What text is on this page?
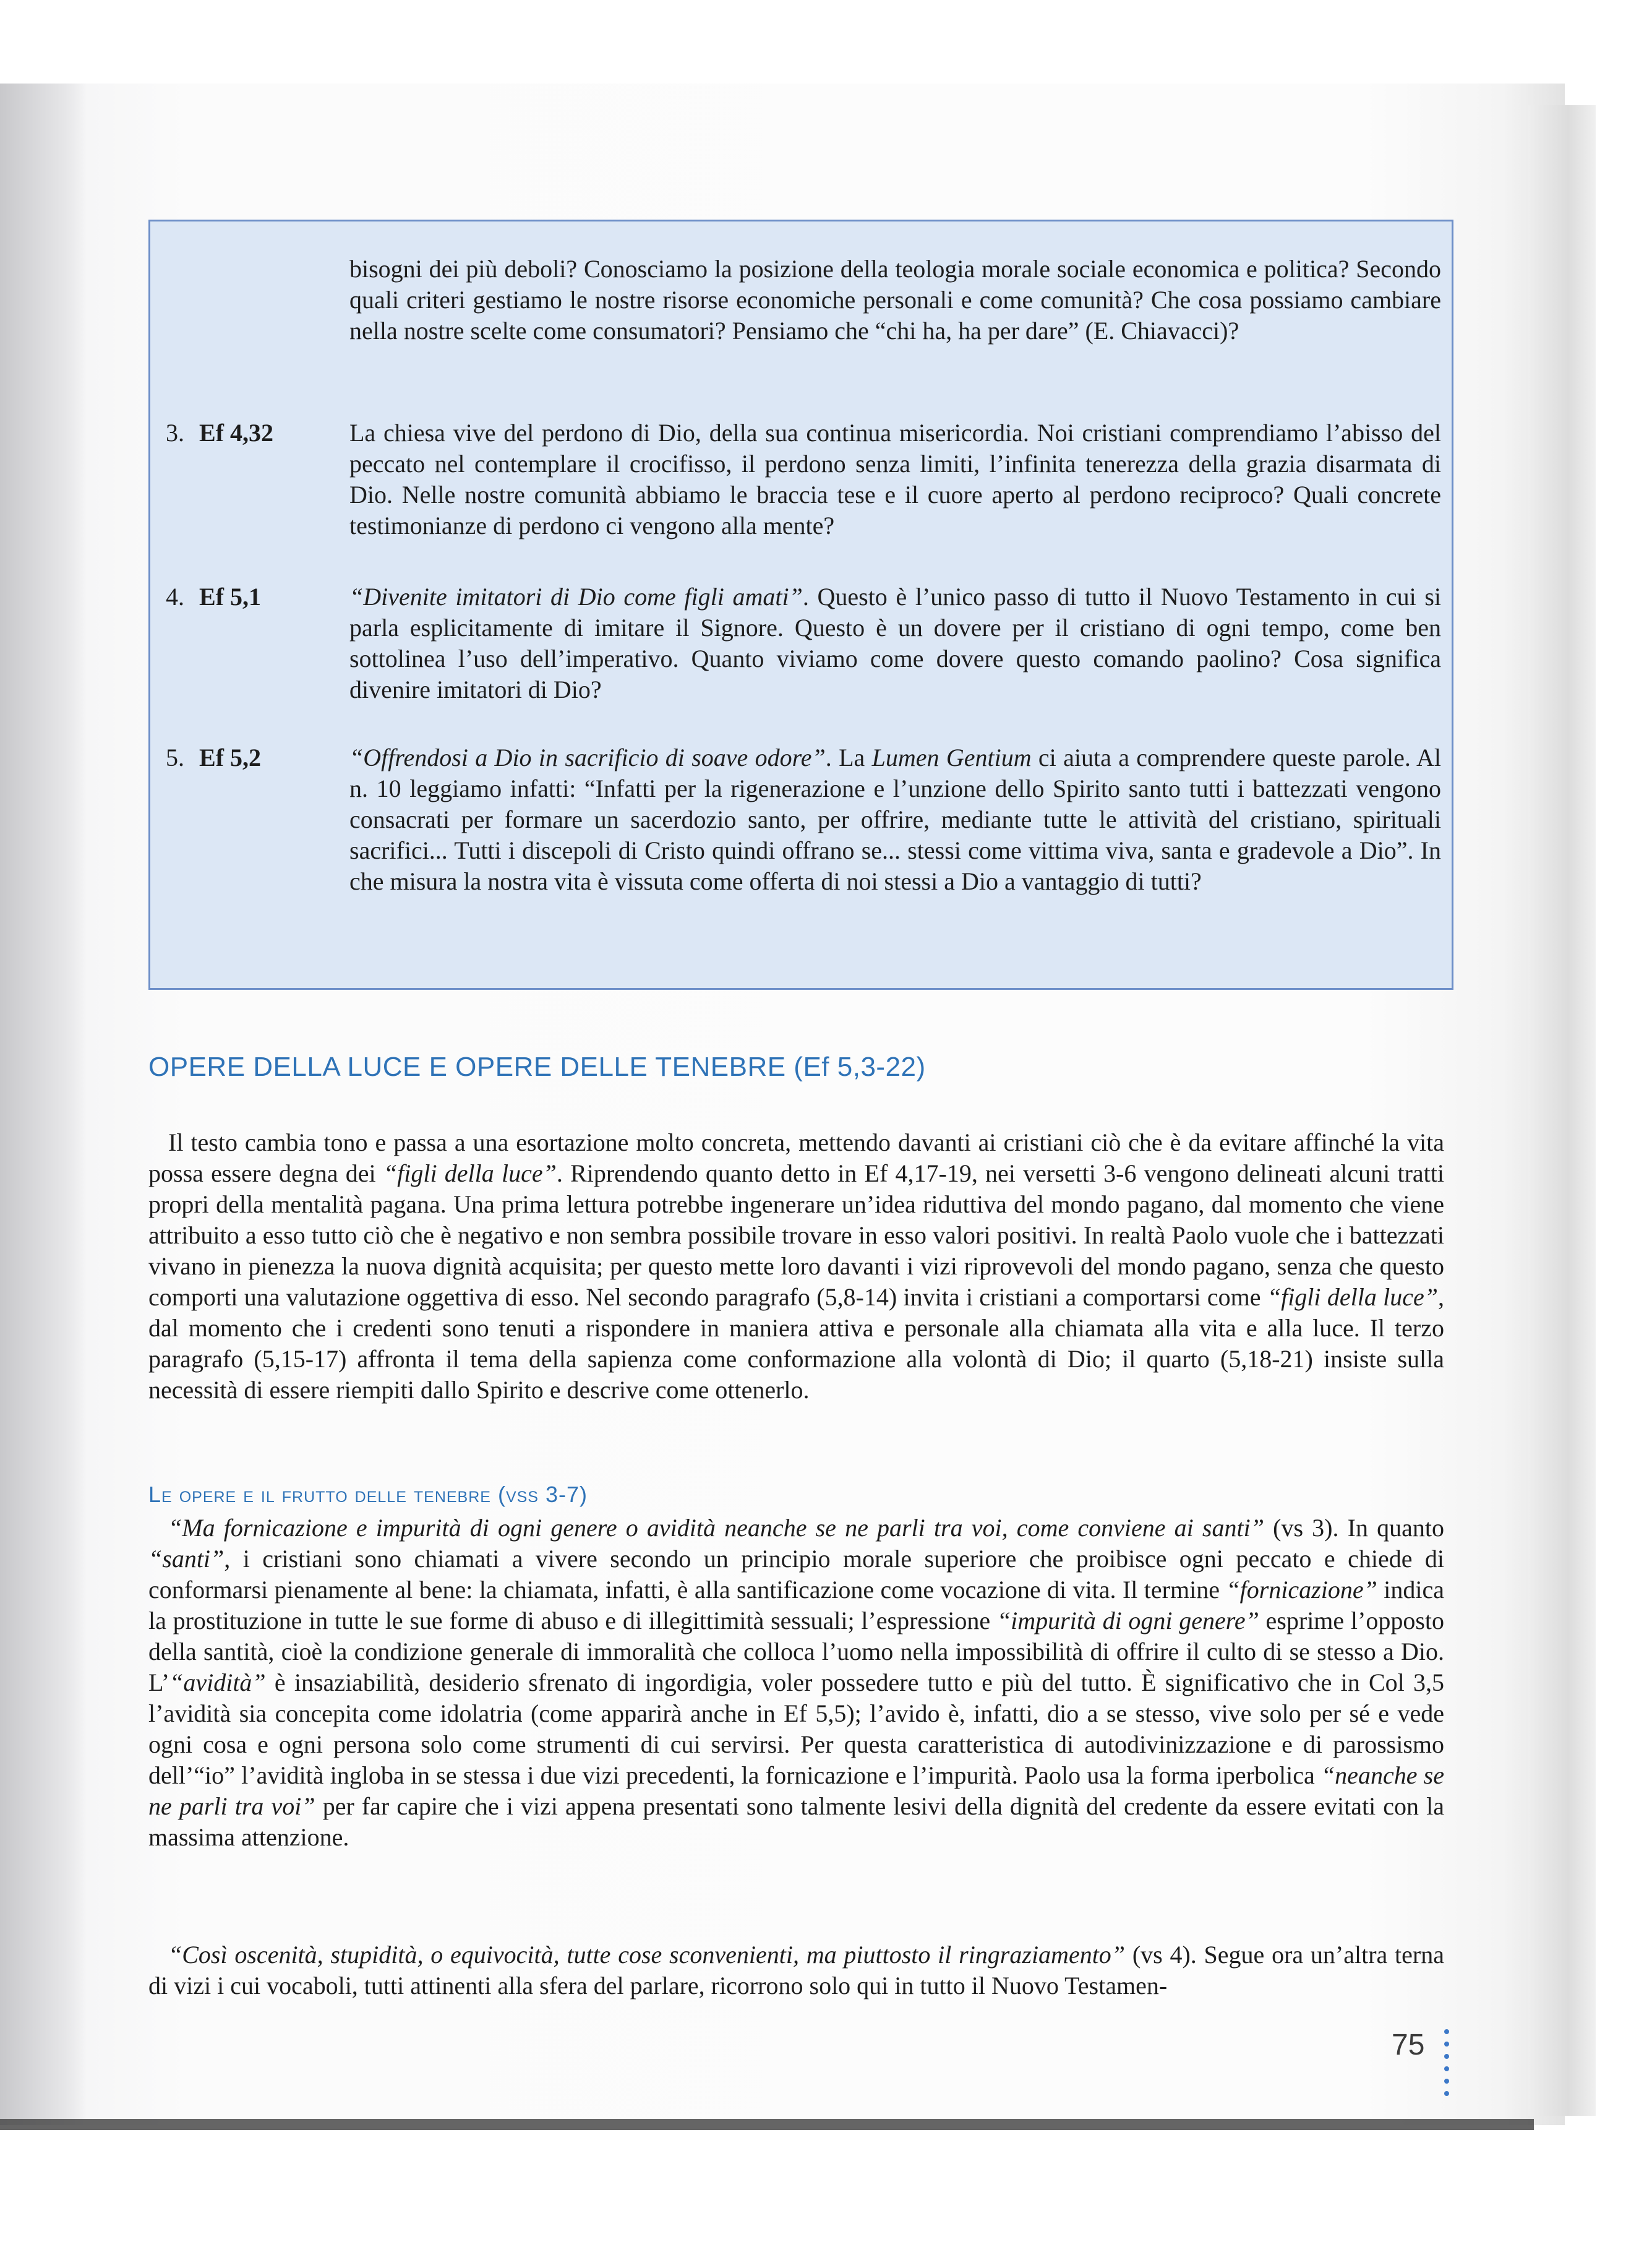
bisogni dei più deboli? Conosciamo la posizione della teologia morale sociale economica e politica? Secondo quali criteri gestiamo le nostre risorse economiche personali e come comunità? Che cosa possiamo cambiare nella nostre scelte come consumatori? Pensiamo che “chi ha, ha per dare” (E. Chiavacci)?
3. Ef 4,32	La chiesa vive del perdono di Dio, della sua continua misericordia. Noi cristiani comprendiamo l’abisso del peccato nel contemplare il crocifisso, il perdono senza limiti, l’infinita tenerezza della grazia disarmata di Dio. Nelle nostre comunità abbiamo le braccia tese e il cuore aperto al perdono reciproco? Quali concrete testimonianze di perdono ci vengono alla mente?
4. Ef 5,1	“Divenite imitatori di Dio come figli amati”. Questo è l’unico passo di tutto il Nuovo Testamento in cui si parla esplicitamente di imitare il Signore. Questo è un dovere per il cristiano di ogni tempo, come ben sottolinea l’uso dell’imperativo. Quanto viviamo come dovere questo comando paolino? Cosa significa divenire imitatori di Dio?
5. Ef 5,2	“Offrendosi a Dio in sacrificio di soave odore”. La Lumen Gentium ci aiuta a comprendere queste parole. Al n. 10 leggiamo infatti: “Infatti per la rigenerazione e l’unzione dello Spirito santo tutti i battezzati vengono consacrati per formare un sacerdozio santo, per offrire, mediante tutte le attività del cristiano, spirituali sacrifici... Tutti i discepoli di Cristo quindi offrano se... stessi come vittima viva, santa e gradevole a Dio”. In che misura la nostra vita è vissuta come offerta di noi stessi a Dio a vantaggio di tutti?
OPERE DELLA LUCE E OPERE DELLE TENEBRE (Ef 5,3-22)
Il testo cambia tono e passa a una esortazione molto concreta, mettendo davanti ai cristiani ciò che è da evitare affinché la vita possa essere degna dei “figli della luce”. Riprendendo quanto detto in Ef 4,17-19, nei versetti 3-6 vengono delineati alcuni tratti propri della mentalità pagana. Una prima lettura potrebbe ingenerare un’idea riduttiva del mondo pagano, dal momento che viene attribuito a esso tutto ciò che è negativo e non sembra possibile trovare in esso valori positivi. In realtà Paolo vuole che i battezzati vivano in pienezza la nuova dignità acquisita; per questo mette loro davanti i vizi riprovevoli del mondo pagano, senza che questo comporti una valutazione oggettiva di esso. Nel secondo paragrafo (5,8-14) invita i cristiani a comportarsi come “figli della luce”, dal momento che i credenti sono tenuti a rispondere in maniera attiva e personale alla chiamata alla vita e alla luce. Il terzo paragrafo (5,15-17) affronta il tema della sapienza come conformazione alla volontà di Dio; il quarto (5,18-21) insiste sulla necessità di essere riempiti dallo Spirito e descrive come ottenerlo.
Le opere e il frutto delle tenebre (vss 3-7)
“Ma fornicazione e impurità di ogni genere o avidità neanche se ne parli tra voi, come conviene ai santi” (vs 3). In quanto “santi”, i cristiani sono chiamati a vivere secondo un principio morale superiore che proibisce ogni peccato e chiede di conformarsi pienamente al bene: la chiamata, infatti, è alla santificazione come vocazione di vita. Il termine “fornicazione” indica la prostituzione in tutte le sue forme di abuso e di illegittimità sessuali; l’espressione “impurità di ogni genere” esprime l’opposto della santità, cioè la condizione generale di immoralità che colloca l’uomo nella impossibilità di offrire il culto di se stesso a Dio. L’“avidità” è insaziabilità, desiderio sfrenato di ingordigia, voler possedere tutto e più del tutto. È significativo che in Col 3,5 l’avidità sia concepita come idolatria (come apparirà anche in Ef 5,5); l’avido è, infatti, dio a se stesso, vive solo per sé e vede ogni cosa e ogni persona solo come strumenti di cui servirsi. Per questa caratteristica di autodivinizzazione e di parossismo dell’“io” l’avidità ingloba in se stessa i due vizi precedenti, la fornicazione e l’impurità. Paolo usa la forma iperbolica “neanche se ne parli tra voi” per far capire che i vizi appena presentati sono talmente lesivi della dignità del credente da essere evitati con la massima attenzione.
“Così oscenità, stupidità, o equivocità, tutte cose sconvenienti, ma piuttosto il ringraziamento” (vs 4). Segue ora un’altra terna di vizi i cui vocaboli, tutti attinenti alla sfera del parlare, ricorrono solo qui in tutto il Nuovo Testamen-
75
